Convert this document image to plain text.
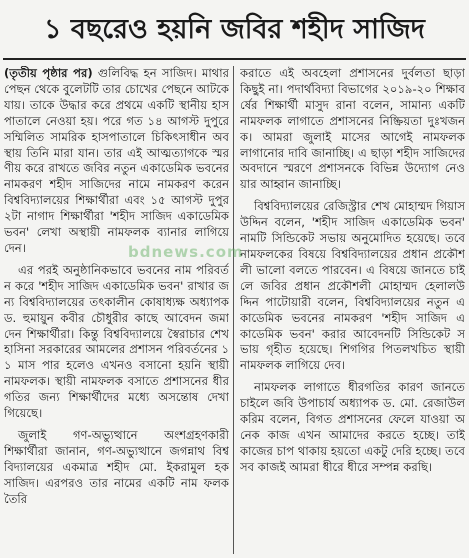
১ বছরেও হয়নি জবির শহীদ সাজিদ

(তৃতীয় পৃষ্ঠার পর) গুলিবিদ্ধ হন সাজিদ। মাথার পেছন থেকে বুলেটটি তার চোখের পেছনে আটকে যায়। তাকে উদ্ধার করে প্রথমে একটি স্থানীয় হাসপাতালে নেওয়া হয়। পরে গত ১৪ আগস্ট দুপুরে সম্মিলিত সামরিক হাসপাতালে চিকিৎসাধীন অবস্থায় তিনি মারা যান। তার এই আত্মত্যাগকে স্মরণীয় করে রাখতে জবির নতুন একাডেমিক ভবনের নামকরণ শহীদ সাজিদের নামে নামকরণ করেন বিশ্ববিদ্যালয়ের শিক্ষার্থীরা এবং ১৫ আগস্ট দুপুর ২টা নাগাদ শিক্ষার্থীরা 'শহীদ সাজিদ একাডেমিক ভবন' লেখা অস্থায়ী নামফলক ব্যানার লাগিয়ে দেন।

এর পরই অনুষ্ঠানিকভাবে ভবনের নাম পরিবর্তন করে 'শহীদ সাজিদ একাডেমিক ভবন' রাখার জন্য বিশ্ববিদ্যালয়ের তৎকালীন কোষাধ্যক্ষ অধ্যাপক ড. হুমায়ুন কবীর চৌধুরীর কাছে আবেদন জমা দেন শিক্ষার্থীরা। কিন্তু বিশ্ববিদ্যালয়ে স্বৈরাচার শেখ হাসিনা সরকারের আমলের প্রশাসন পরিবর্তনের ১১ মাস পার হলেও এখনও বসানো হয়নি স্থায়ী নামফলক। স্থায়ী নামফলক বসাতে প্রশাসনের ধীরগতির জন্য শিক্ষার্থীদের মধ্যে অসন্তোষ দেখা গিয়েছে।

জুলাই গণ-অভ্যুত্থানে অংশগ্রহণকারী শিক্ষার্থীরা জানান, গণ-অভ্যুত্থানে জগন্নাথ বিশ্ববিদ্যালয়ের একমাত্র শহীদ মো. ইকরামুল হক সাজিদ। এরপরও তার নামের একটি নাম ফলক তৈরি

করাতে এই অবহেলা প্রশাসনের দুর্বলতা ছাড়া কিছুই না। পদার্থবিদ্যা বিভাগের ২০১৯-২০ শিক্ষাবর্ষের শিক্ষার্থী মাসুদ রানা বলেন, সামান্য একটি নামফলক লাগাতে প্রশাসনের নিষ্ক্রিয়তা দুঃখজনক। আমরা জুলাই মাসের আগেই নামফলক লাগানোর দাবি জানাচ্ছি। এ ছাড়া শহীদ সাজিদের অবদানে স্মরণে প্রশাসনকে বিভিন্ন উদ্যোগ নেওয়ার আহ্বান জানাচ্ছি।

বিশ্ববিদ্যালয়ের রেজিস্ট্রার শেখ মোহাম্মদ গিয়াসউদ্দিন বলেন, 'শহীদ সাজিদ একাডেমিক ভবন' নামটি সিন্ডিকেট সভায় অনুমোদিত হয়েছে। তবে নামফলকের বিষয়ে বিশ্ববিদ্যালয়ের প্রধান প্রকৌশলী ভালো বলতে পারবেন। এ বিষয়ে জানতে চাইলে জবির প্রধান প্রকৌশলী মোহাম্মদ হেলালউদ্দিন পাটোয়ারী বলেন, বিশ্ববিদ্যালয়ের নতুন একাডেমিক ভবনের নামকরণ 'শহীদ সাজিদ একাডেমিক ভবন' করার আবেদনটি সিন্ডিকেট সভায় গৃহীত হয়েছে। শিগগির পিতলখচিত স্থায়ী নামফলক লাগিয়ে দেব।

নামফলক লাগাতে ধীরগতির কারণ জানতে চাইলে জবি উপাচার্য অধ্যাপক ড. মো. রেজাউল করিম বলেন, বিগত প্রশাসনের ফেলে যাওয়া অনেক কাজ এখন আমাদের করতে হচ্ছে। তাই কাজের চাপ থাকায় হয়তো একটু দেরি হচ্ছে। তবে সব কাজই আমরা ধীরে ধীরে সম্পন্ন করছি।

bdnews.com
